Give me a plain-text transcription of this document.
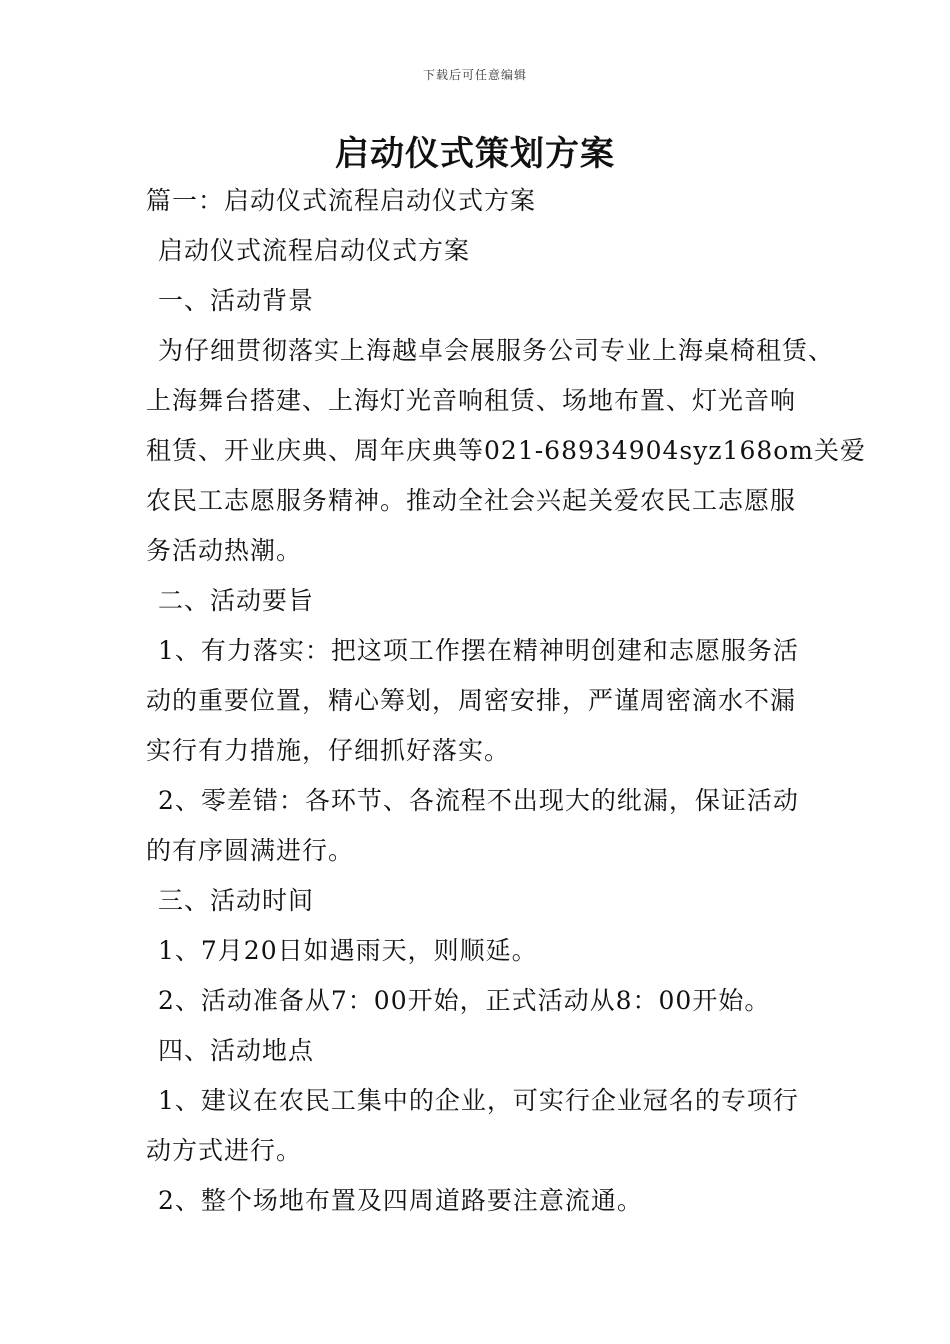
下载后可任意编辑
启动仪式策划方案
篇一：启动仪式流程启动仪式方案
启动仪式流程启动仪式方案
一、活动背景
为仔细贯彻落实上海越卓会展服务公司专业上海桌椅租赁、
上海舞台搭建、上海灯光音响租赁、场地布置、灯光音响
租赁、开业庆典、周年庆典等021-68934904syz168om关爱
农民工志愿服务精神。推动全社会兴起关爱农民工志愿服
务活动热潮。
二、活动要旨
1、有力落实：把这项工作摆在精神明创建和志愿服务活
动的重要位置，精心筹划，周密安排，严谨周密滴水不漏
实行有力措施，仔细抓好落实。
2、零差错：各环节、各流程不出现大的纰漏，保证活动
的有序圆满进行。
三、活动时间
1、7月20日如遇雨天，则顺延。
2、活动准备从7：00开始，正式活动从8：00开始。
四、活动地点
1、建议在农民工集中的企业，可实行企业冠名的专项行
动方式进行。
2、整个场地布置及四周道路要注意流通。
